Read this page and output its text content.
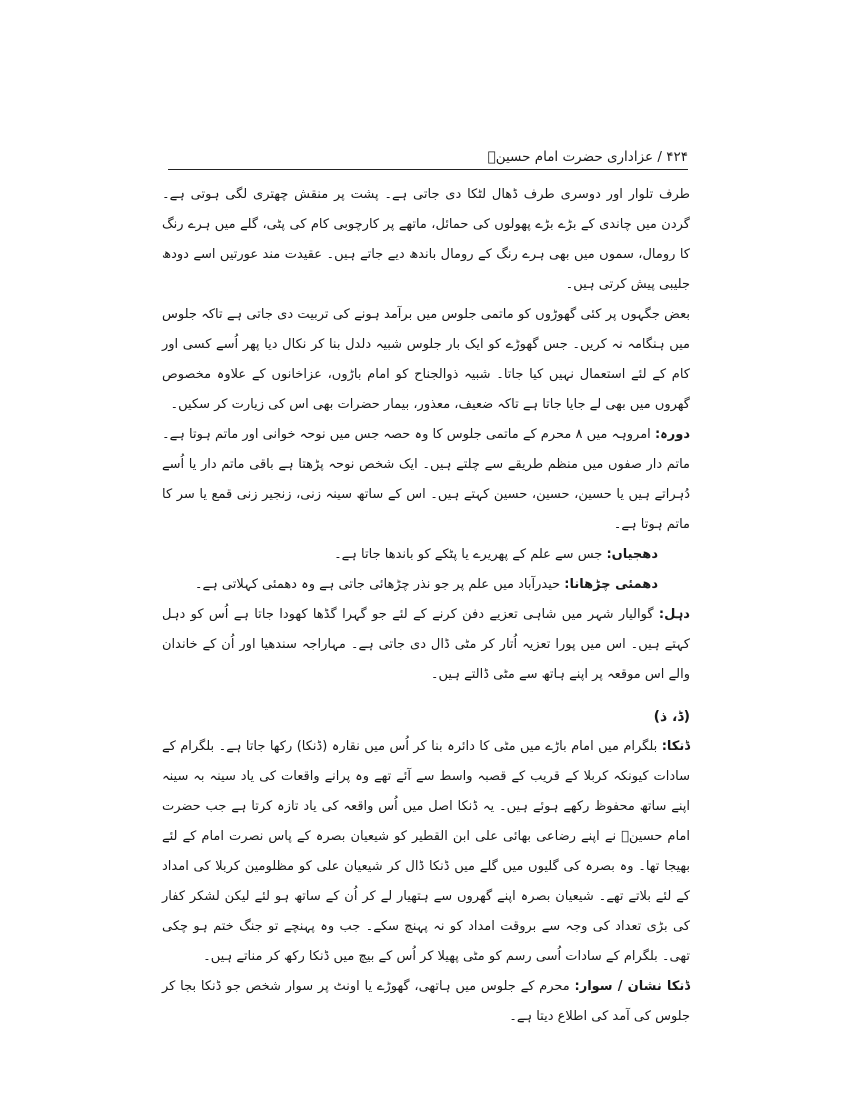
۴۲۴ / عزاداری حضرت امام حسینؑ

طرف تلوار اور دوسری طرف ڈھال لٹکا دی جاتی ہے۔ پشت پر منقش چھتری لگی ہوتی ہے۔ گردن میں چاندی کے بڑے بڑے پھولوں کی حمائل، ماتھے پر کارچوبی کام کی پٹی، گلے میں ہرے رنگ کا رومال، سموں میں بھی ہرے رنگ کے رومال باندھ دیے جاتے ہیں۔ عقیدت مند عورتیں اسے دودھ جلیبی پیش کرتی ہیں۔

بعض جگہوں پر کئی گھوڑوں کو ماتمی جلوس میں برآمد ہونے کی تربیت دی جاتی ہے تاکہ جلوس میں ہنگامہ نہ کریں۔ جس گھوڑے کو ایک بار جلوس شبیہ دلدل بنا کر نکال دیا پھر اُسے کسی اور کام کے لئے استعمال نہیں کیا جاتا۔ شبیہ ذوالجناح کو امام باڑوں، عزاخانوں کے علاوہ مخصوص گھروں میں بھی لے جایا جاتا ہے تاکہ ضعیف، معذور، بیمار حضرات بھی اس کی زیارت کر سکیں۔

دورہ: امروہہ میں ۸ محرم کے ماتمی جلوس کا وہ حصہ جس میں نوحہ خوانی اور ماتم ہوتا ہے۔ ماتم دار صفوں میں منظم طریقے سے چلتے ہیں۔ ایک شخص نوحہ پڑھتا ہے باقی ماتم دار یا اُسے دُہراتے ہیں یا حسین، حسین، حسین کہتے ہیں۔ اس کے ساتھ سینہ زنی، زنجیر زنی قمع یا سر کا ماتم ہوتا ہے۔

دھجیاں: جس سے علم کے پھریرے یا پٹکے کو باندھا جاتا ہے۔

دھمئی چڑھانا: حیدرآباد میں علم پر جو نذر چڑھائی جاتی ہے وہ دھمئی کہلاتی ہے۔

دہل: گوالیار شہر میں شاہی تعزیے دفن کرنے کے لئے جو گہرا گڈھا کھودا جاتا ہے اُس کو دہل کہتے ہیں۔ اس میں پورا تعزیہ اُتار کر مٹی ڈال دی جاتی ہے۔ مہاراجہ سندھیا اور اُن کے خاندان والے اس موقعہ پر اپنے ہاتھ سے مٹی ڈالتے ہیں۔

(ڈ، ذ)

ڈنکا: بلگرام میں امام باڑے میں مٹی کا دائرہ بنا کر اُس میں نقارہ (ڈنکا) رکھا جاتا ہے۔ بلگرام کے سادات کیونکہ کربلا کے قریب کے قصبہ واسط سے آئے تھے وہ پرانے واقعات کی یاد سینہ بہ سینہ اپنے ساتھ محفوظ رکھے ہوئے ہیں۔ یہ ڈنکا اصل میں اُس واقعہ کی یاد تازہ کرتا ہے جب حضرت امام حسینؑ نے اپنے رضاعی بھائی علی ابن القطیر کو شیعیان بصرہ کے پاس نصرت امام کے لئے بھیجا تھا۔ وہ بصرہ کی گلیوں میں گلے میں ڈنکا ڈال کر شیعیان علی کو مظلومین کربلا کی امداد کے لئے بلاتے تھے۔ شیعیان بصرہ اپنے گھروں سے ہتھیار لے کر اُن کے ساتھ ہو لئے لیکن لشکر کفار کی بڑی تعداد کی وجہ سے بروقت امداد کو نہ پہنچ سکے۔ جب وہ پہنچے تو جنگ ختم ہو چکی تھی۔ بلگرام کے سادات اُسی رسم کو مٹی پھیلا کر اُس کے بیچ میں ڈنکا رکھ کر مناتے ہیں۔

ڈنکا نشان / سوار: محرم کے جلوس میں ہاتھی، گھوڑے یا اونٹ پر سوار شخص جو ڈنکا بجا کر جلوس کی آمد کی اطلاع دیتا ہے۔
